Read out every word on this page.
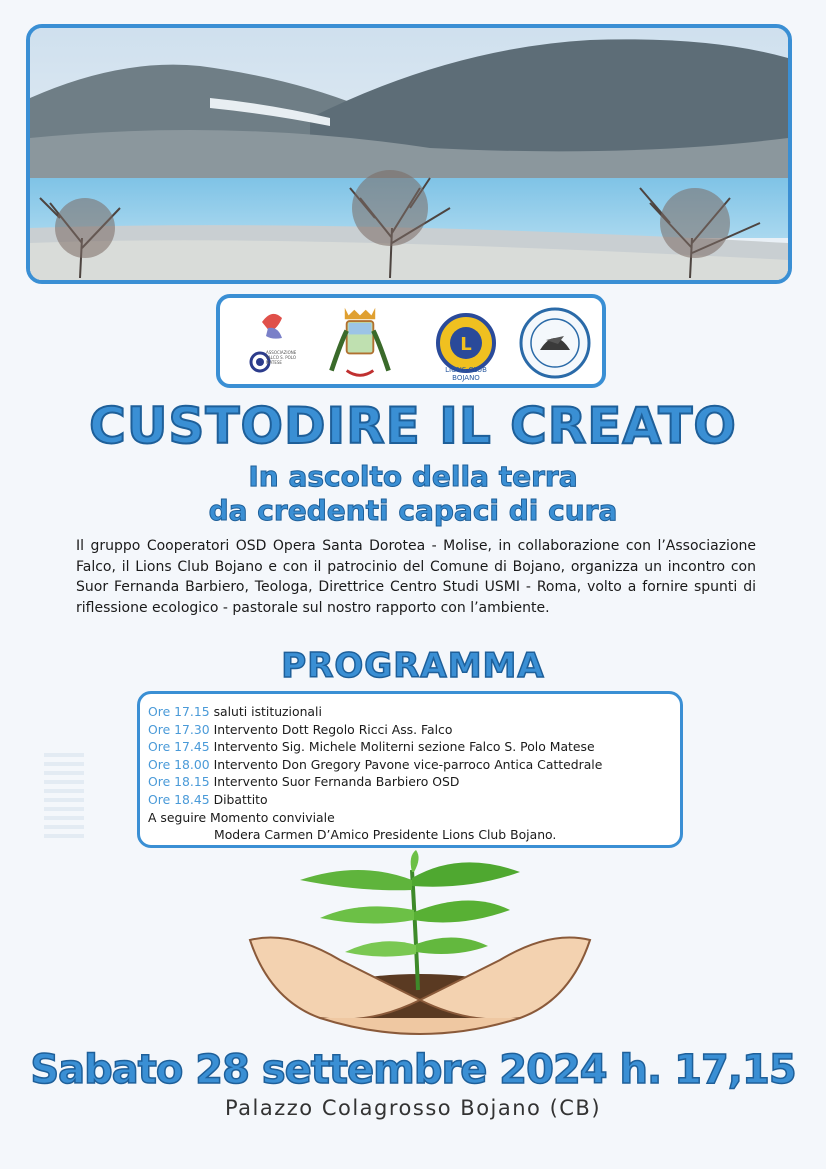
ASSOCIAZIONE FALCO S. POLO MATESE
L
LIONS CLUB
BOJANO
CUSTODIRE IL CREATO
In ascolto della terra
da credenti capaci di cura

Il gruppo Cooperatori OSD Opera Santa Dorotea - Molise, in collaborazione con l’Associazione Falco, il Lions Club Bojano e con il patrocinio del Comune di Bojano, organizza un incontro con Suor Fernanda Barbiero, Teologa, Direttrice Centro Studi USMI - Roma, volto a fornire spunti di riflessione ecologico - pastorale sul nostro rapporto con l’ambiente.

PROGRAMMA
Ore 17.15 saluti istituzionali
Ore 17.30 Intervento Dott Regolo Ricci Ass. Falco
Ore 17.45 Intervento Sig. Michele Moliterni sezione Falco S. Polo Matese
Ore 18.00 Intervento Don Gregory Pavone vice-parroco Antica Cattedrale
Ore 18.15 Intervento Suor Fernanda Barbiero OSD
Ore 18.45 Dibattito
A seguire Momento conviviale
Modera Carmen D’Amico Presidente Lions Club Bojano.
Sabato 28 settembre 2024 h. 17,15
Palazzo Colagrosso Bojano (CB)
